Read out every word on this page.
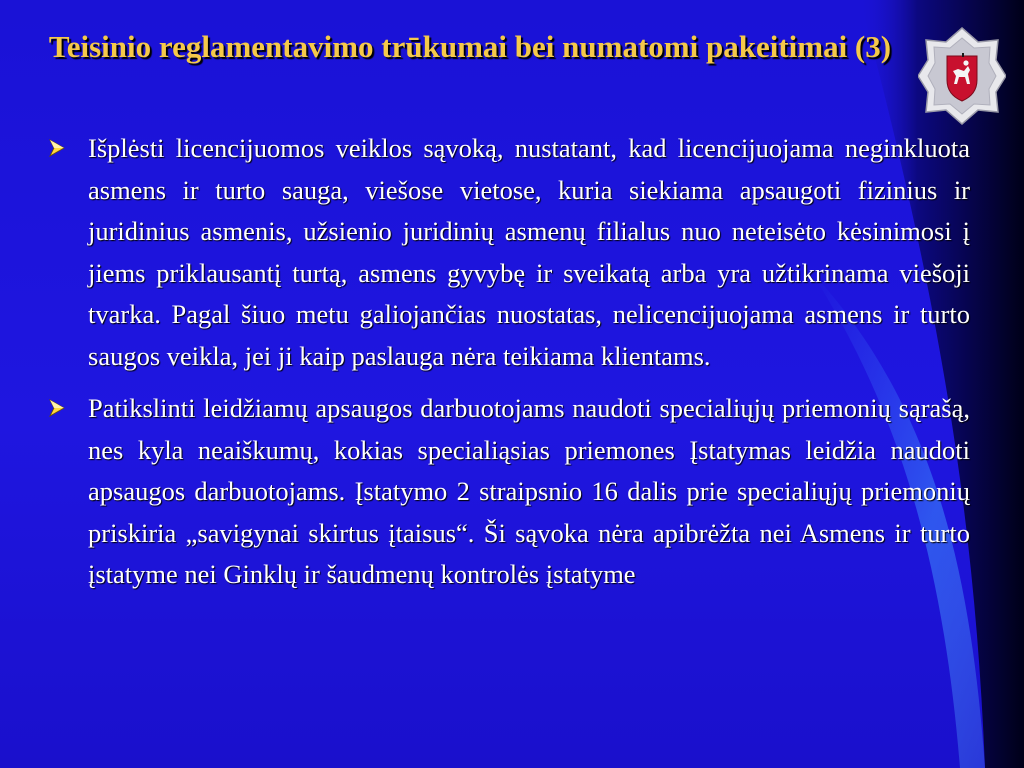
Teisinio reglamentavimo trūkumai bei numatomi pakeitimai (3)
Išplėsti licencijuomos veiklos sąvoką, nustatant, kad licencijuojama neginkluota asmens ir turto sauga, viešose vietose, kuria siekiama apsaugoti fizinius ir juridinius asmenis, užsienio juridinių asmenų filialus nuo neteisėto kėsinimosi į jiems priklausantį turtą, asmens gyvybę ir sveikatą arba yra užtikrinama viešoji tvarka. Pagal šiuo metu galiojančias nuostatas, nelicencijuojama asmens ir turto saugos veikla, jei ji kaip paslauga nėra teikiama klientams.
Patikslinti leidžiamų apsaugos darbuotojams naudoti specialiųjų priemonių sąrašą, nes kyla neaiškumų, kokias specialiąsias priemones Įstatymas leidžia naudoti apsaugos darbuotojams. Įstatymo 2 straipsnio 16 dalis prie specialiųjų priemonių priskiria „savigynai skirtus įtaisus“. Ši sąvoka nėra apibrėžta nei Asmens ir turto įstatyme nei Ginklų ir šaudmenų kontrolės įstatyme
